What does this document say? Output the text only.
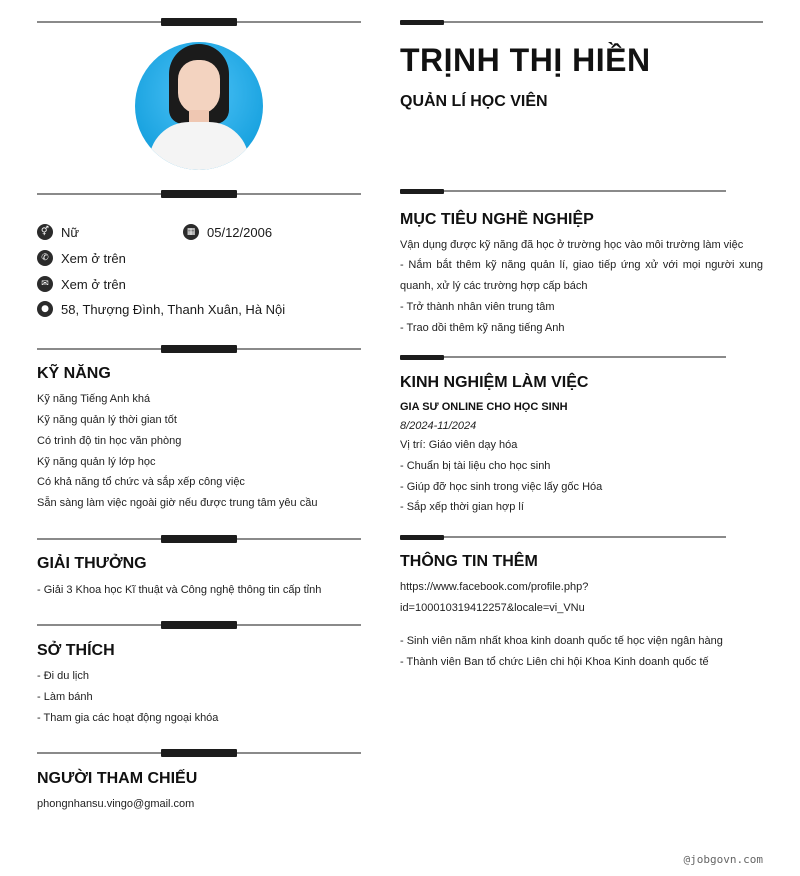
⚥ Nữ	▦ 05/12/2006
✆ Xem ở trên
✉ Xem ở trên
● 58, Thượng Đình, Thanh Xuân, Hà Nội
KỸ NĂNG
Kỹ năng Tiếng Anh khá
Kỹ năng quản lý thời gian tốt
Có trình độ tin học văn phòng
Kỹ năng quản lý lớp học
Có khả năng tổ chức và sắp xếp công việc
Sẵn sàng làm việc ngoài giờ nếu được trung tâm yêu cầu
GIẢI THƯỞNG
- Giải 3 Khoa học Kĩ thuật và Công nghệ thông tin cấp tỉnh
SỞ THÍCH
- Đi du lịch
- Làm bánh
- Tham gia các hoạt động ngoại khóa
NGƯỜI THAM CHIẾU
phongnhansu.vingo@gmail.com
TRỊNH THỊ HIỀN
QUẢN LÍ HỌC VIÊN
MỤC TIÊU NGHỀ NGHIỆP
Vận dụng được kỹ năng đã học ở trường học vào môi trường làm việc
- Nắm bắt thêm kỹ năng quản lí, giao tiếp ứng xử với mọi người xung quanh, xử lý các trường hợp cấp bách
- Trở thành nhân viên trung tâm
- Trao dồi thêm kỹ năng tiếng Anh
KINH NGHIỆM LÀM VIỆC
GIA SƯ ONLINE CHO HỌC SINH
8/2024-11/2024
Vị trí: Giáo viên dạy hóa
- Chuẩn bị tài liệu cho học sinh
- Giúp đỡ học sinh trong việc lấy gốc Hóa
- Sắp xếp thời gian hợp lí
THÔNG TIN THÊM
https://www.facebook.com/profile.php?
id=100010319412257&locale=vi_VNu
- Sinh viên năm nhất khoa kinh doanh quốc tế học viện ngân hàng
- Thành viên Ban tổ chức Liên chi hội Khoa Kinh doanh quốc tế
@jobgovn.com
